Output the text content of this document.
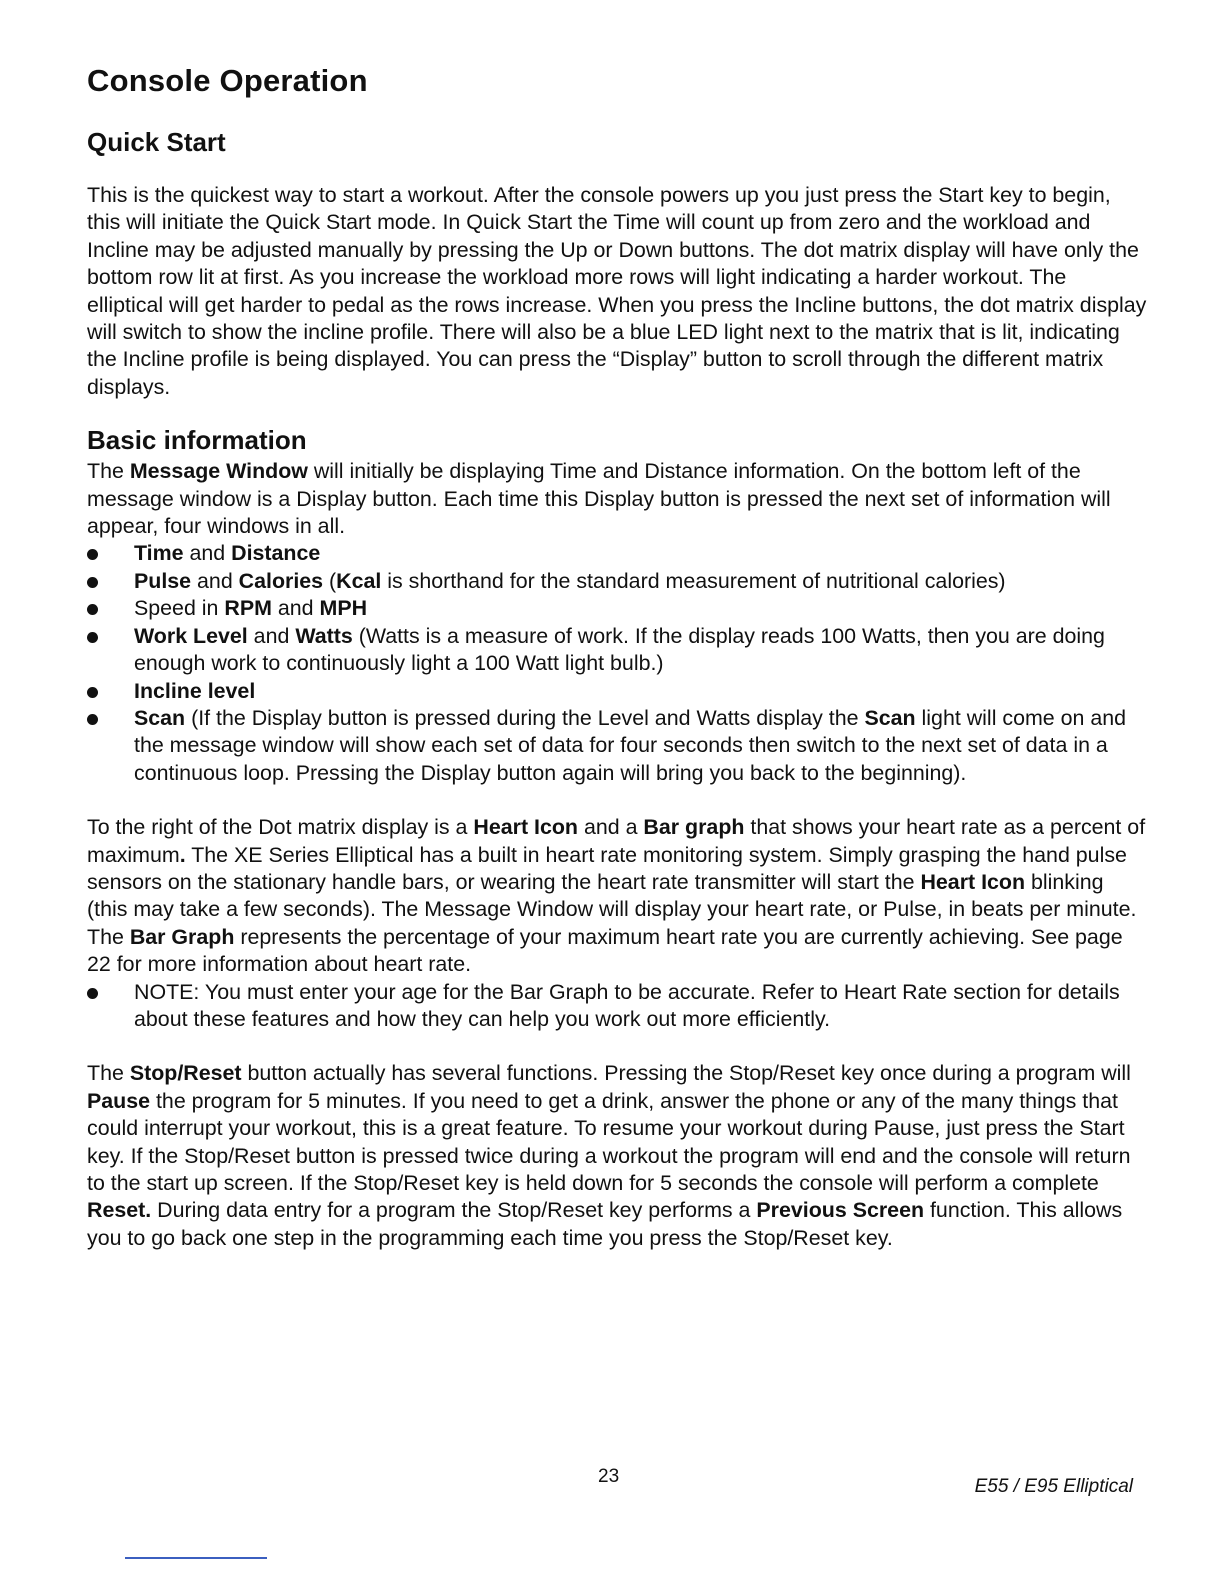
Console Operation
Quick Start

This is the quickest way to start a workout. After the console powers up you just press the Start key to begin, this will initiate the Quick Start mode. In Quick Start the Time will count up from zero and the workload and Incline may be adjusted manually by pressing the Up or Down buttons. The dot matrix display will have only the bottom row lit at first. As you increase the workload more rows will light indicating a harder workout. The elliptical will get harder to pedal as the rows increase. When you press the Incline buttons, the dot matrix display will switch to show the incline profile. There will also be a blue LED light next to the matrix that is lit, indicating the Incline profile is being displayed. You can press the “Display” button to scroll through the different matrix displays.

Basic information

The Message Window will initially be displaying Time and Distance information. On the bottom left of the message window is a Display button. Each time this Display button is pressed the next set of information will appear, four windows in all.

Time and Distance
Pulse and Calories (Kcal is shorthand for the standard measurement of nutritional calories)
Speed in RPM and MPH
Work Level and Watts (Watts is a measure of work. If the display reads 100 Watts, then you are doing enough work to continuously light a 100 Watt light bulb.)
Incline level
Scan (If the Display button is pressed during the Level and Watts display the Scan light will come on and the message window will show each set of data for four seconds then switch to the next set of data in a continuous loop. Pressing the Display button again will bring you back to the beginning).

To the right of the Dot matrix display is a Heart Icon and a Bar graph that shows your heart rate as a percent of maximum. The XE Series Elliptical has a built in heart rate monitoring system. Simply grasping the hand pulse sensors on the stationary handle bars, or wearing the heart rate transmitter will start the Heart Icon blinking (this may take a few seconds). The Message Window will display your heart rate, or Pulse, in beats per minute. The Bar Graph represents the percentage of your maximum heart rate you are currently achieving. See page 22 for more information about heart rate.

NOTE: You must enter your age for the Bar Graph to be accurate. Refer to Heart Rate section for details about these features and how they can help you work out more efficiently.

The Stop/Reset button actually has several functions. Pressing the Stop/Reset key once during a program will Pause the program for 5 minutes. If you need to get a drink, answer the phone or any of the many things that could interrupt your workout, this is a great feature. To resume your workout during Pause, just press the Start key. If the Stop/Reset button is pressed twice during a workout the program will end and the console will return to the start up screen. If the Stop/Reset key is held down for 5 seconds the console will perform a complete Reset. During data entry for a program the Stop/Reset key performs a Previous Screen function. This allows you to go back one step in the programming each time you press the Stop/Reset key.

23	E55 / E95 Elliptical
